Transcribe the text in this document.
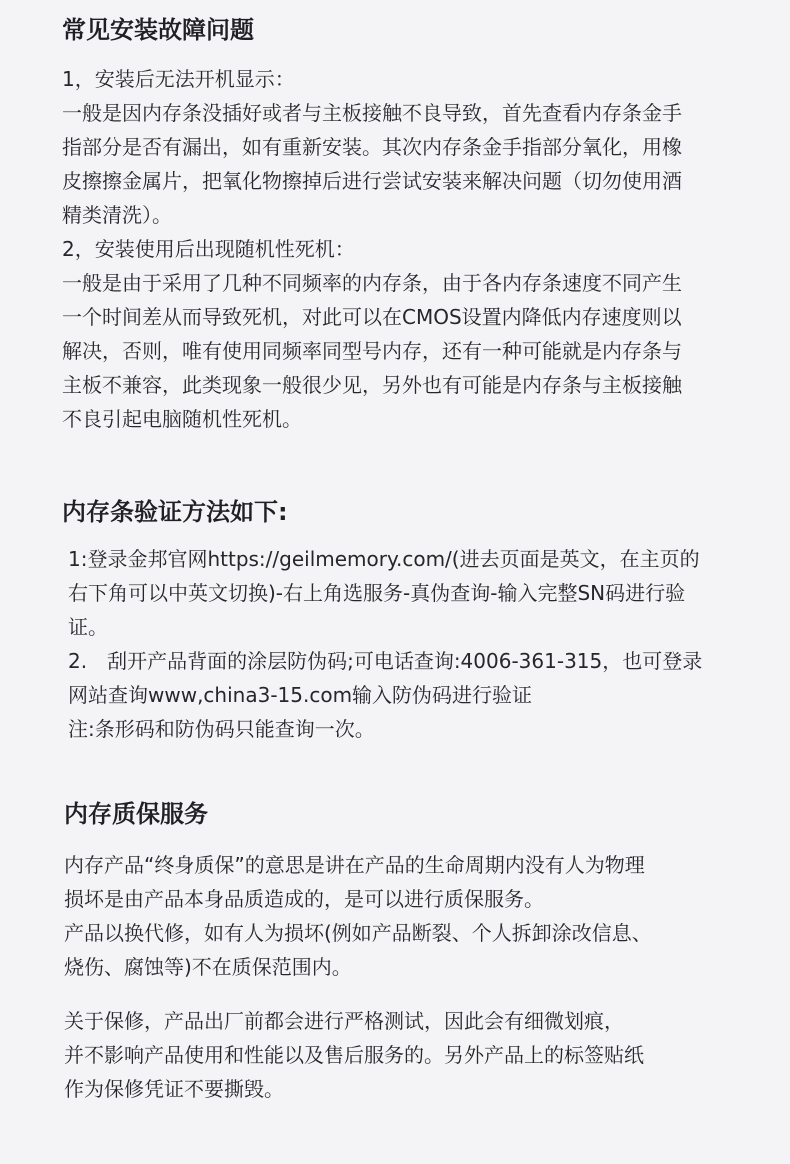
常见安装故障问题
1，安装后无法开机显示：
一般是因内存条没插好或者与主板接触不良导致，首先查看内存条金手
指部分是否有漏出，如有重新安装。其次内存条金手指部分氧化，用橡
皮擦擦金属片，把氧化物擦掉后进行尝试安装来解决问题（切勿使用酒
精类清洗）。
2，安装使用后出现随机性死机：
一般是由于采用了几种不同频率的内存条，由于各内存条速度不同产生
一个时间差从而导致死机，对此可以在CMOS设置内降低内存速度则以
解决，否则，唯有使用同频率同型号内存，还有一种可能就是内存条与
主板不兼容，此类现象一般很少见，另外也有可能是内存条与主板接触
不良引起电脑随机性死机。
内存条验证方法如下:
1:登录金邦官网https://geilmemory.com/(进去页面是英文，在主页的
右下角可以中英文切换)-右上角选服务-真伪查询-输入完整SN码进行验
证。
2.　刮开产品背面的涂层防伪码;可电话查询:4006-361-315，也可登录
网站查询www,china3-15.com输入防伪码进行验证
注:条形码和防伪码只能查询一次。
内存质保服务
内存产品“终身质保”的意思是讲在产品的生命周期内没有人为物理
损坏是由产品本身品质造成的，是可以进行质保服务。
产品以换代修，如有人为损坏(例如产品断裂、个人拆卸涂改信息、
烧伤、腐蚀等)不在质保范围内。
关于保修，产品出厂前都会进行严格测试，因此会有细微划痕，
并不影响产品使用和性能以及售后服务的。另外产品上的标签贴纸
作为保修凭证不要撕毁。
